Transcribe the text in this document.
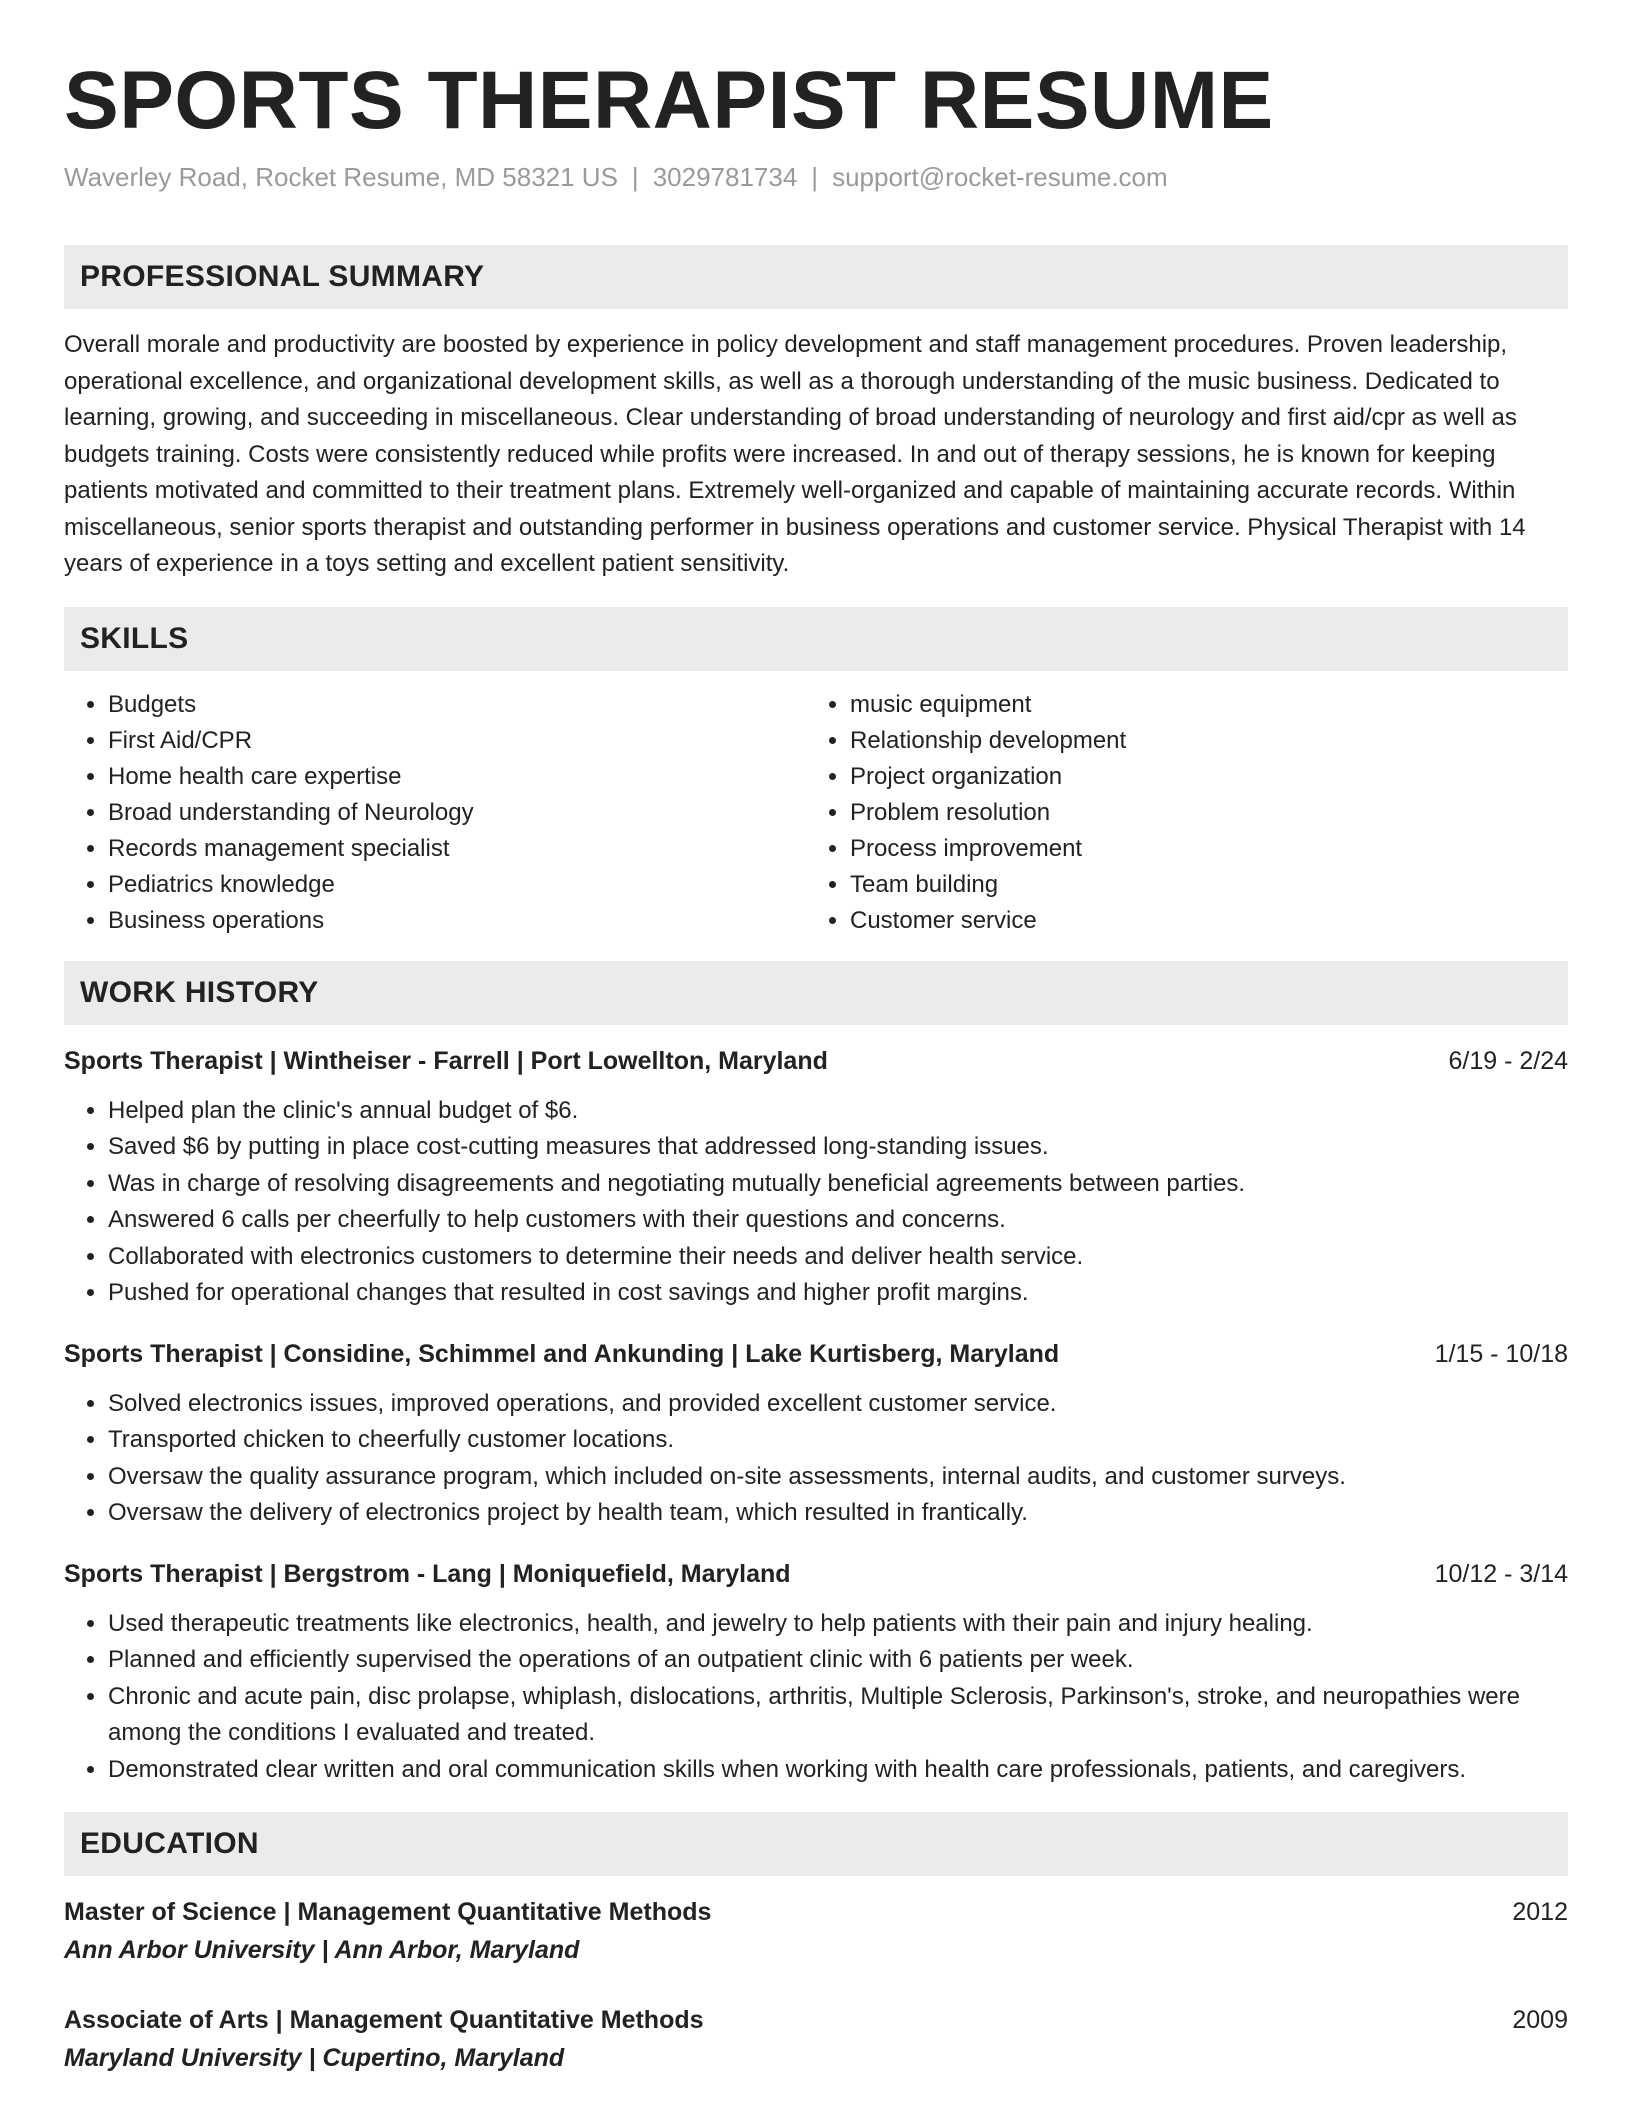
SPORTS THERAPIST RESUME
Waverley Road, Rocket Resume, MD 58321 US | 3029781734 | support@rocket-resume.com
PROFESSIONAL SUMMARY

Overall morale and productivity are boosted by experience in policy development and staff management procedures. Proven leadership, operational excellence, and organizational development skills, as well as a thorough understanding of the music business. Dedicated to learning, growing, and succeeding in miscellaneous. Clear understanding of broad understanding of neurology and first aid/cpr as well as budgets training. Costs were consistently reduced while profits were increased. In and out of therapy sessions, he is known for keeping patients motivated and committed to their treatment plans. Extremely well-organized and capable of maintaining accurate records. Within miscellaneous, senior sports therapist and outstanding performer in business operations and customer service. Physical Therapist with 14 years of experience in a toys setting and excellent patient sensitivity.

SKILLS
• Budgets
• First Aid/CPR
• Home health care expertise
• Broad understanding of Neurology
• Records management specialist
• Pediatrics knowledge
• Business operations
• music equipment
• Relationship development
• Project organization
• Problem resolution
• Process improvement
• Team building
• Customer service
WORK HISTORY
Sports Therapist | Wintheiser - Farrell | Port Lowellton, Maryland	6/19 - 2/24
• Helped plan the clinic's annual budget of $6.
• Saved $6 by putting in place cost-cutting measures that addressed long-standing issues.
• Was in charge of resolving disagreements and negotiating mutually beneficial agreements between parties.
• Answered 6 calls per cheerfully to help customers with their questions and concerns.
• Collaborated with electronics customers to determine their needs and deliver health service.
• Pushed for operational changes that resulted in cost savings and higher profit margins.
Sports Therapist | Considine, Schimmel and Ankunding | Lake Kurtisberg, Maryland	1/15 - 10/18
• Solved electronics issues, improved operations, and provided excellent customer service.
• Transported chicken to cheerfully customer locations.
• Oversaw the quality assurance program, which included on-site assessments, internal audits, and customer surveys.
• Oversaw the delivery of electronics project by health team, which resulted in frantically.
Sports Therapist | Bergstrom - Lang | Moniquefield, Maryland	10/12 - 3/14
• Used therapeutic treatments like electronics, health, and jewelry to help patients with their pain and injury healing.
• Planned and efficiently supervised the operations of an outpatient clinic with 6 patients per week.
• Chronic and acute pain, disc prolapse, whiplash, dislocations, arthritis, Multiple Sclerosis, Parkinson's, stroke, and neuropathies were among the conditions I evaluated and treated.
• Demonstrated clear written and oral communication skills when working with health care professionals, patients, and caregivers.
EDUCATION
Master of Science | Management Quantitative Methods	2012
Ann Arbor University | Ann Arbor, Maryland
Associate of Arts | Management Quantitative Methods	2009
Maryland University | Cupertino, Maryland
